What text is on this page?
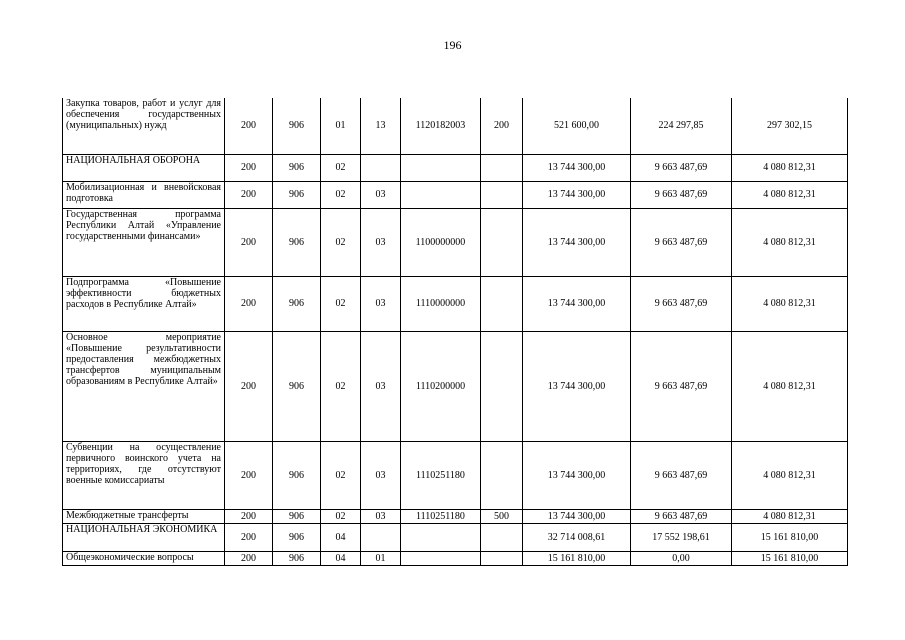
196
Закупка товаров, работ и услуг для обеспечения государственных (муниципальных) нужд	200	906	01	13	1120182003	200	521 600,00	224 297,85	297 302,15
НАЦИОНАЛЬНАЯ ОБОРОНА	200	906	02				13 744 300,00	9 663 487,69	4 080 812,31
Мобилизационная и вневойсковая подготовка	200	906	02	03			13 744 300,00	9 663 487,69	4 080 812,31
Государственная программа Республики Алтай «Управление государственными финансами»	200	906	02	03	1100000000		13 744 300,00	9 663 487,69	4 080 812,31
Подпрограмма «Повышение эффективности бюджетных расходов в Республике Алтай»	200	906	02	03	1110000000		13 744 300,00	9 663 487,69	4 080 812,31
Основное мероприятие «Повышение результативности предоставления межбюджетных трансфертов муниципальным образованиям в Республике Алтай»	200	906	02	03	1110200000		13 744 300,00	9 663 487,69	4 080 812,31
Субвенции на осуществление первичного воинского учета на территориях, где отсутствуют военные комиссариаты	200	906	02	03	1110251180		13 744 300,00	9 663 487,69	4 080 812,31
Межбюджетные трансферты	200	906	02	03	1110251180	500	13 744 300,00	9 663 487,69	4 080 812,31
НАЦИОНАЛЬНАЯ ЭКОНОМИКА	200	906	04				32 714 008,61	17 552 198,61	15 161 810,00
Общеэкономические вопросы	200	906	04	01			15 161 810,00	0,00	15 161 810,00
